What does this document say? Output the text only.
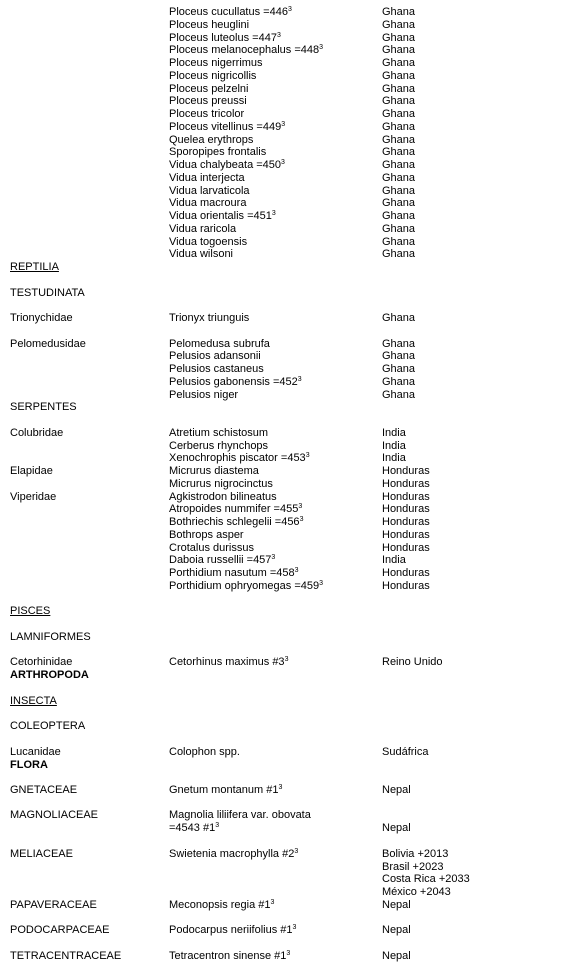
Ploceus cucullatus $=446^3$	Ghana
Ploceus heuglini	Ghana
Ploceus luteolus $=447^3$	Ghana
Ploceus melanocephalus $=448^3$	Ghana
Ploceus nigerrimus	Ghana
Ploceus nigricollis	Ghana
Ploceus pelzelni	Ghana
Ploceus preussi	Ghana
Ploceus tricolor	Ghana
Ploceus vitellinus $=449^3$	Ghana
Quelea erythrops	Ghana
Sporopipes frontalis	Ghana
Vidua chalybeata $=450^3$	Ghana
Vidua interjecta	Ghana
Vidua larvaticola	Ghana
Vidua macroura	Ghana
Vidua orientalis $=451^3$	Ghana
Vidua raricola	Ghana
Vidua togoensis	Ghana
Vidua wilsoni	Ghana
REPTILIA
TESTUDINATA
Trionychidae	Trionyx triunguis	Ghana
Pelomedusidae	Pelomedusa subrufa	Ghana
Pelusios adansonii	Ghana
Pelusios castaneus	Ghana
Pelusios gabonensis $=452^3$	Ghana
Pelusios niger	Ghana
SERPENTES
Colubridae	Atretium schistosum	India
Cerberus rhynchops	India
Xenochrophis piscator $=453^3$	India
Elapidae	Micrurus diastema	Honduras
Micrurus nigrocinctus	Honduras
Viperidae	Agkistrodon bilineatus	Honduras
Atropoides nummifer $=455^3$	Honduras
Bothriechis schlegelii $=456^3$	Honduras
Bothrops asper	Honduras
Crotalus durissus	Honduras
Daboia russellii $=457^3$	India
Porthidium nasutum $=458^3$	Honduras
Porthidium ophryomegas $=459^3$	Honduras
PISCES
LAMNIFORMES
Cetorhinidae	Cetorhinus maximus $\#3^3$	Reino Unido
ARTHROPODA
INSECTA
COLEOPTERA
Lucanidae	Colophon spp.	Sudáfrica
FLORA
GNETACEAE	Gnetum montanum $\#1^3$	Nepal
MAGNOLIACEAE	Magnolia liliifera var. obovata
=4543 $\#1^3$	Nepal
MELIACEAE	Swietenia macrophylla $\#2^3$	Bolivia +2013
Brasil +2023
Costa Rica +2033
México +2043
PAPAVERACEAE	Meconopsis regia $\#1^3$	Nepal
PODOCARPACEAE	Podocarpus neriifolius $\#1^3$	Nepal
TETRACENTRACEAE	Tetracentron sinense $\#1^3$	Nepal
